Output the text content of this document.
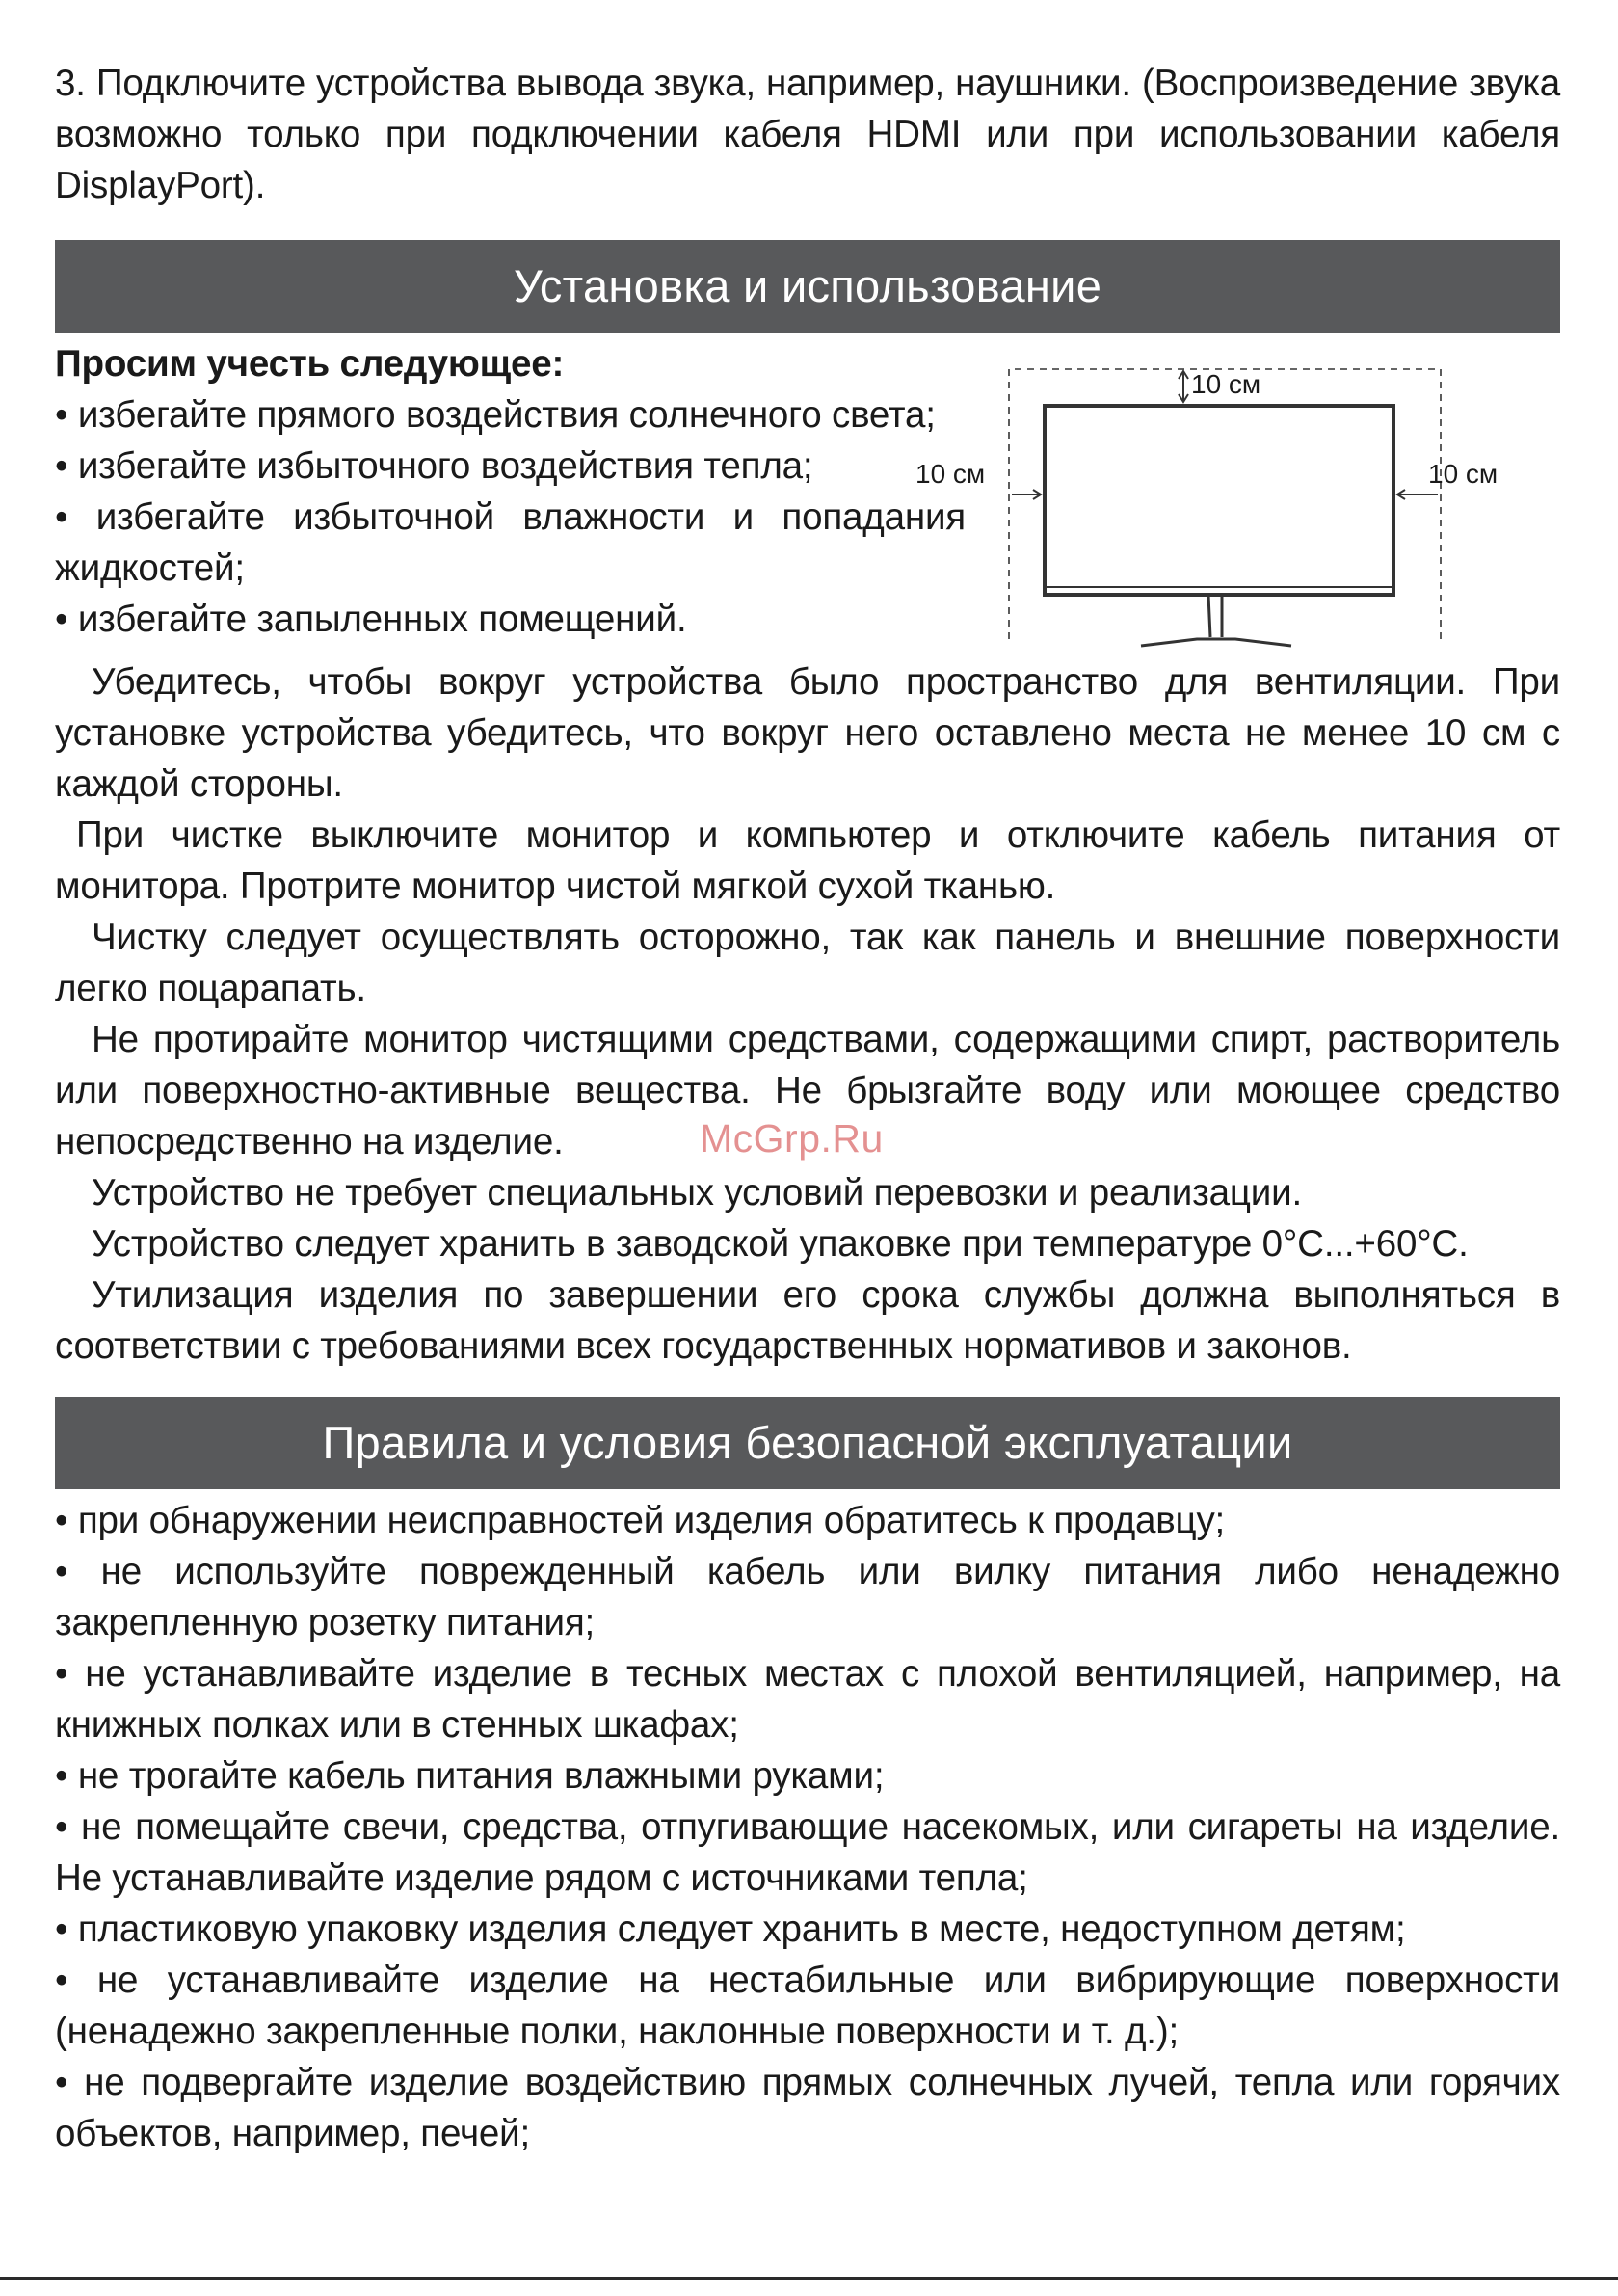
3. Подключите устройства вывода звука, например, наушники. (Воспроизведение звука возможно только при подключении кабеля HDMI или при использовании кабеля DisplayPort).

Установка и использование

Просим учесть следующее:

• избегайте прямого воздействия солнечного света;

• избегайте избыточного воздействия тепла;

• избегайте избыточной влажности и попадания жидкостей;

• избегайте запыленных помещений.

10 см
10 см	10 см

Убедитесь, чтобы вокруг устройства было пространство для вентиляции. При установке устройства убедитесь, что вокруг него оставлено места не менее 10 см с каждой стороны.

При чистке выключите монитор и компьютер и отключите кабель питания от монитора. Протрите монитор чистой мягкой сухой тканью.

Чистку следует осуществлять осторожно, так как панель и внешние поверхности легко поцарапать.

Не протирайте монитор чистящими средствами, содержащими спирт, растворитель или поверхностно-активные вещества. Не брызгайте воду или моющее средство непосредственно на изделие.

Устройство не требует специальных условий перевозки и реализации.

Устройство следует хранить в заводской упаковке при температуре 0°C...+60°C.

Утилизация изделия по завершении его срока службы должна выполняться в соответствии с требованиями всех государственных нормативов и законов.

Правила и условия безопасной эксплуатации

• при обнаружении неисправностей изделия обратитесь к продавцу;

• не используйте поврежденный кабель или вилку питания либо ненадежно закрепленную розетку питания;

• не устанавливайте изделие в тесных местах с плохой вентиляцией, например, на книжных полках или в стенных шкафах;

• не трогайте кабель питания влажными руками;

• не помещайте свечи, средства, отпугивающие насекомых, или сигареты на изделие. Не устанавливайте изделие рядом с источниками тепла;

• пластиковую упаковку изделия следует хранить в месте, недоступном детям;

• не устанавливайте изделие на нестабильные или вибрирующие поверхности (ненадежно закрепленные полки, наклонные поверхности и т. д.);

• не подвергайте изделие воздействию прямых солнечных лучей, тепла или горячих объектов, например, печей;

McGrp.Ru
